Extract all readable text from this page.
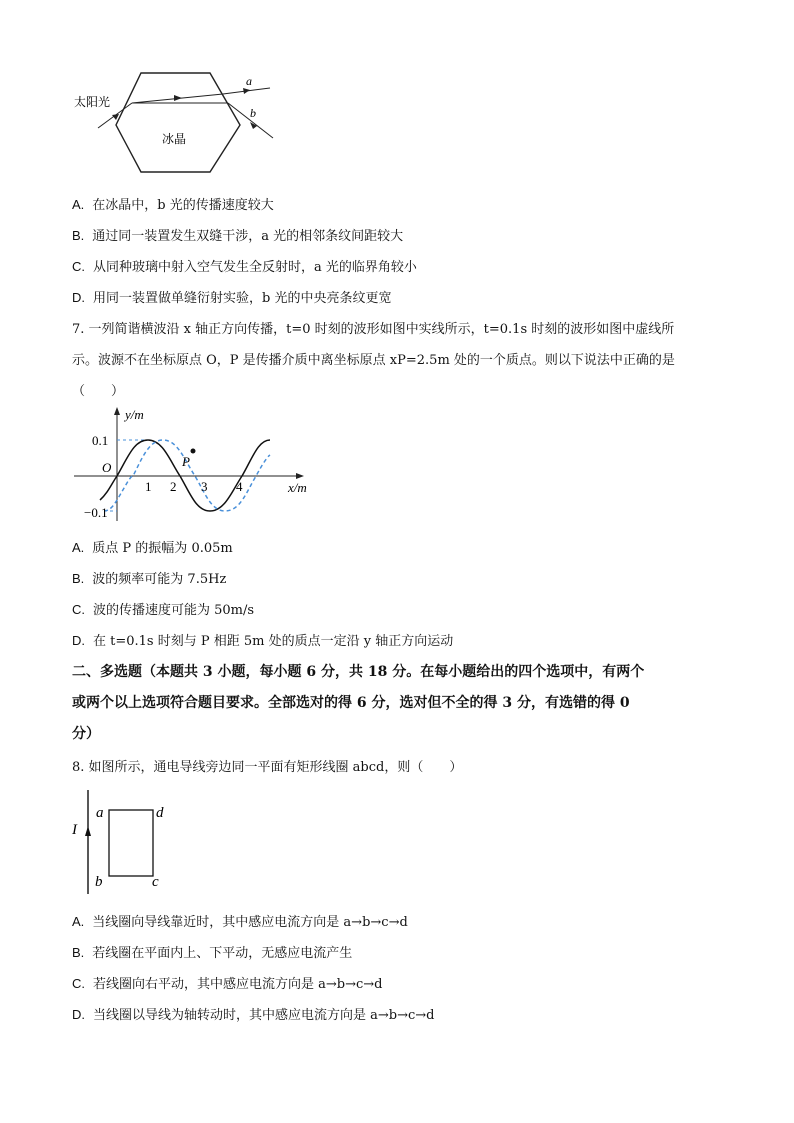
太阳光
冰晶
a
b
A. 在冰晶中，b 光的传播速度较大
B. 通过同一装置发生双缝干涉，a 光的相邻条纹间距较大
C. 从同种玻璃中射入空气发生全反射时，a 光的临界角较小
D. 用同一装置做单缝衍射实验，b 光的中央亮条纹更宽
7. 一列简谐横波沿 x 轴正方向传播，t=0 时刻的波形如图中实线所示，t=0.1s 时刻的波形如图中虚线所
示。波源不在坐标原点 O，P 是传播介质中离坐标原点 xP=2.5m 处的一个质点。则以下说法中正确的是
（　　）
P
y/m
x/m
O
0.1
−0.1
1 2 3 4
A. 质点 P 的振幅为 0.05m
B. 波的频率可能为 7.5Hz
C. 波的传播速度可能为 50m/s
D. 在 t=0.1s 时刻与 P 相距 5m 处的质点一定沿 y 轴正方向运动
二、多选题（本题共 3 小题，每小题 6 分，共 18 分。在每小题给出的四个选项中，有两个
或两个以上选项符合题目要求。全部选对的得 6 分，选对但不全的得 3 分，有选错的得 0
分）
8. 如图所示，通电导线旁边同一平面有矩形线圈 abcd，则（　　）
I
a	d
b	c
A. 当线圈向导线靠近时，其中感应电流方向是 a→b→c→d
B. 若线圈在平面内上、下平动，无感应电流产生
C. 若线圈向右平动，其中感应电流方向是 a→b→c→d
D. 当线圈以导线为轴转动时，其中感应电流方向是 a→b→c→d
